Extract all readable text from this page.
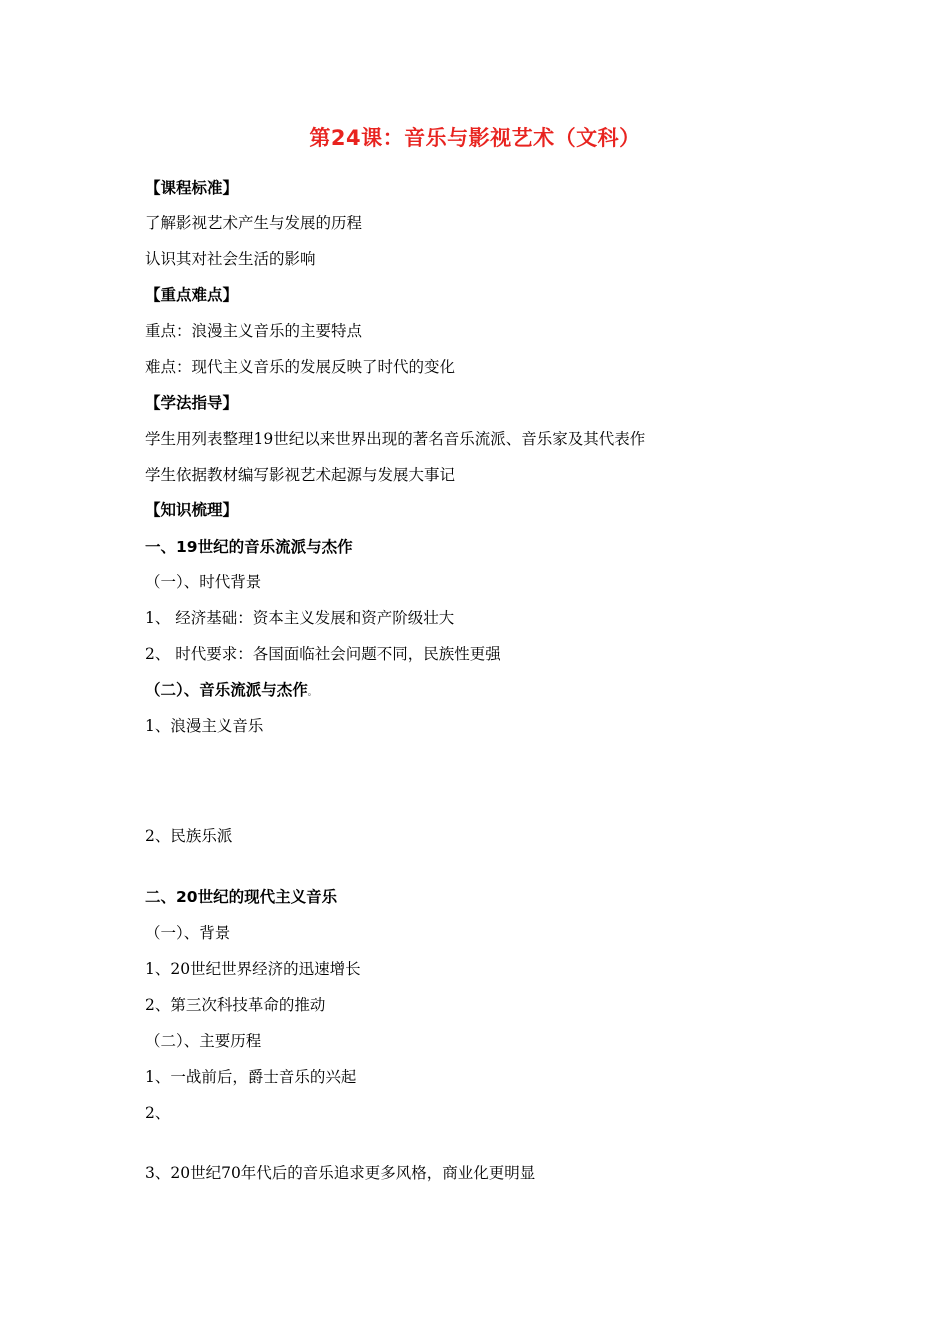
第24课：音乐与影视艺术（文科）
【课程标准】
了解影视艺术产生与发展的历程
认识其对社会生活的影响
【重点难点】
重点：浪漫主义音乐的主要特点
难点：现代主义音乐的发展反映了时代的变化
【学法指导】
学生用列表整理19世纪以来世界出现的著名音乐流派、音乐家及其代表作
学生依据教材编写影视艺术起源与发展大事记
【知识梳理】
一、19世纪的音乐流派与杰作
（一）、时代背景
1、 经济基础：资本主义发展和资产阶级壮大
2、 时代要求：各国面临社会问题不同，民族性更强
（二）、音乐流派与杰作。
1、浪漫主义音乐
2、民族乐派
二、20世纪的现代主义音乐
（一）、背景
1、20世纪世界经济的迅速增长
2、第三次科技革命的推动
（二）、主要历程
1、一战前后，爵士音乐的兴起
2、
3、20世纪70年代后的音乐追求更多风格，商业化更明显
